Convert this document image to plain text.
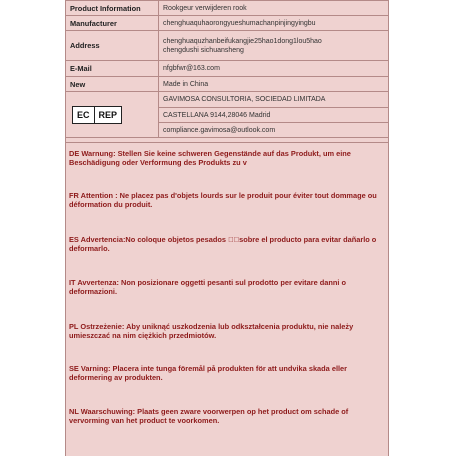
Product Information	Rookgeur verwijderen rook
Manufacturer	chenghuaquhaorongyueshumachanpinjingyingbu
Address	chenghuaquzhanbeifukangjie25hao1dong1lou5hao
chengdushi sichuansheng

E-Mail	nfgbfwr@163.com
New	Made in China

EC REP	GAVIMOSA CONSULTORIA, SOCIEDAD LIMITADA
	CASTELLANA 9144,28046 Madrid
	compliance.gavimosa@outlook.com

DE Warnung: Stellen Sie keine schweren Gegenstände auf das Produkt, um eine Beschädigung oder Verformung des Produkts zu v

FR Attention : Ne placez pas d'objets lourds sur le produit pour éviter tout dommage ou déformation du produit.

ES Advertencia:No coloque objetos pesados   sobre el producto para evitar dañarlo o deformarlo.

IT Avvertenza: Non posizionare oggetti pesanti sul prodotto per evitare danni o deformazioni.

PL Ostrzeżenie: Aby uniknąć uszkodzenia lub odkształcenia produktu, nie należy umieszczać na nim ciężkich przedmiotów.

SE Varning: Placera inte tunga föremål på produkten för att undvika skada eller deformering av produkten.

NL Waarschuwing: Plaats geen zware voorwerpen op het product om schade of vervorming van het product te voorkomen.
